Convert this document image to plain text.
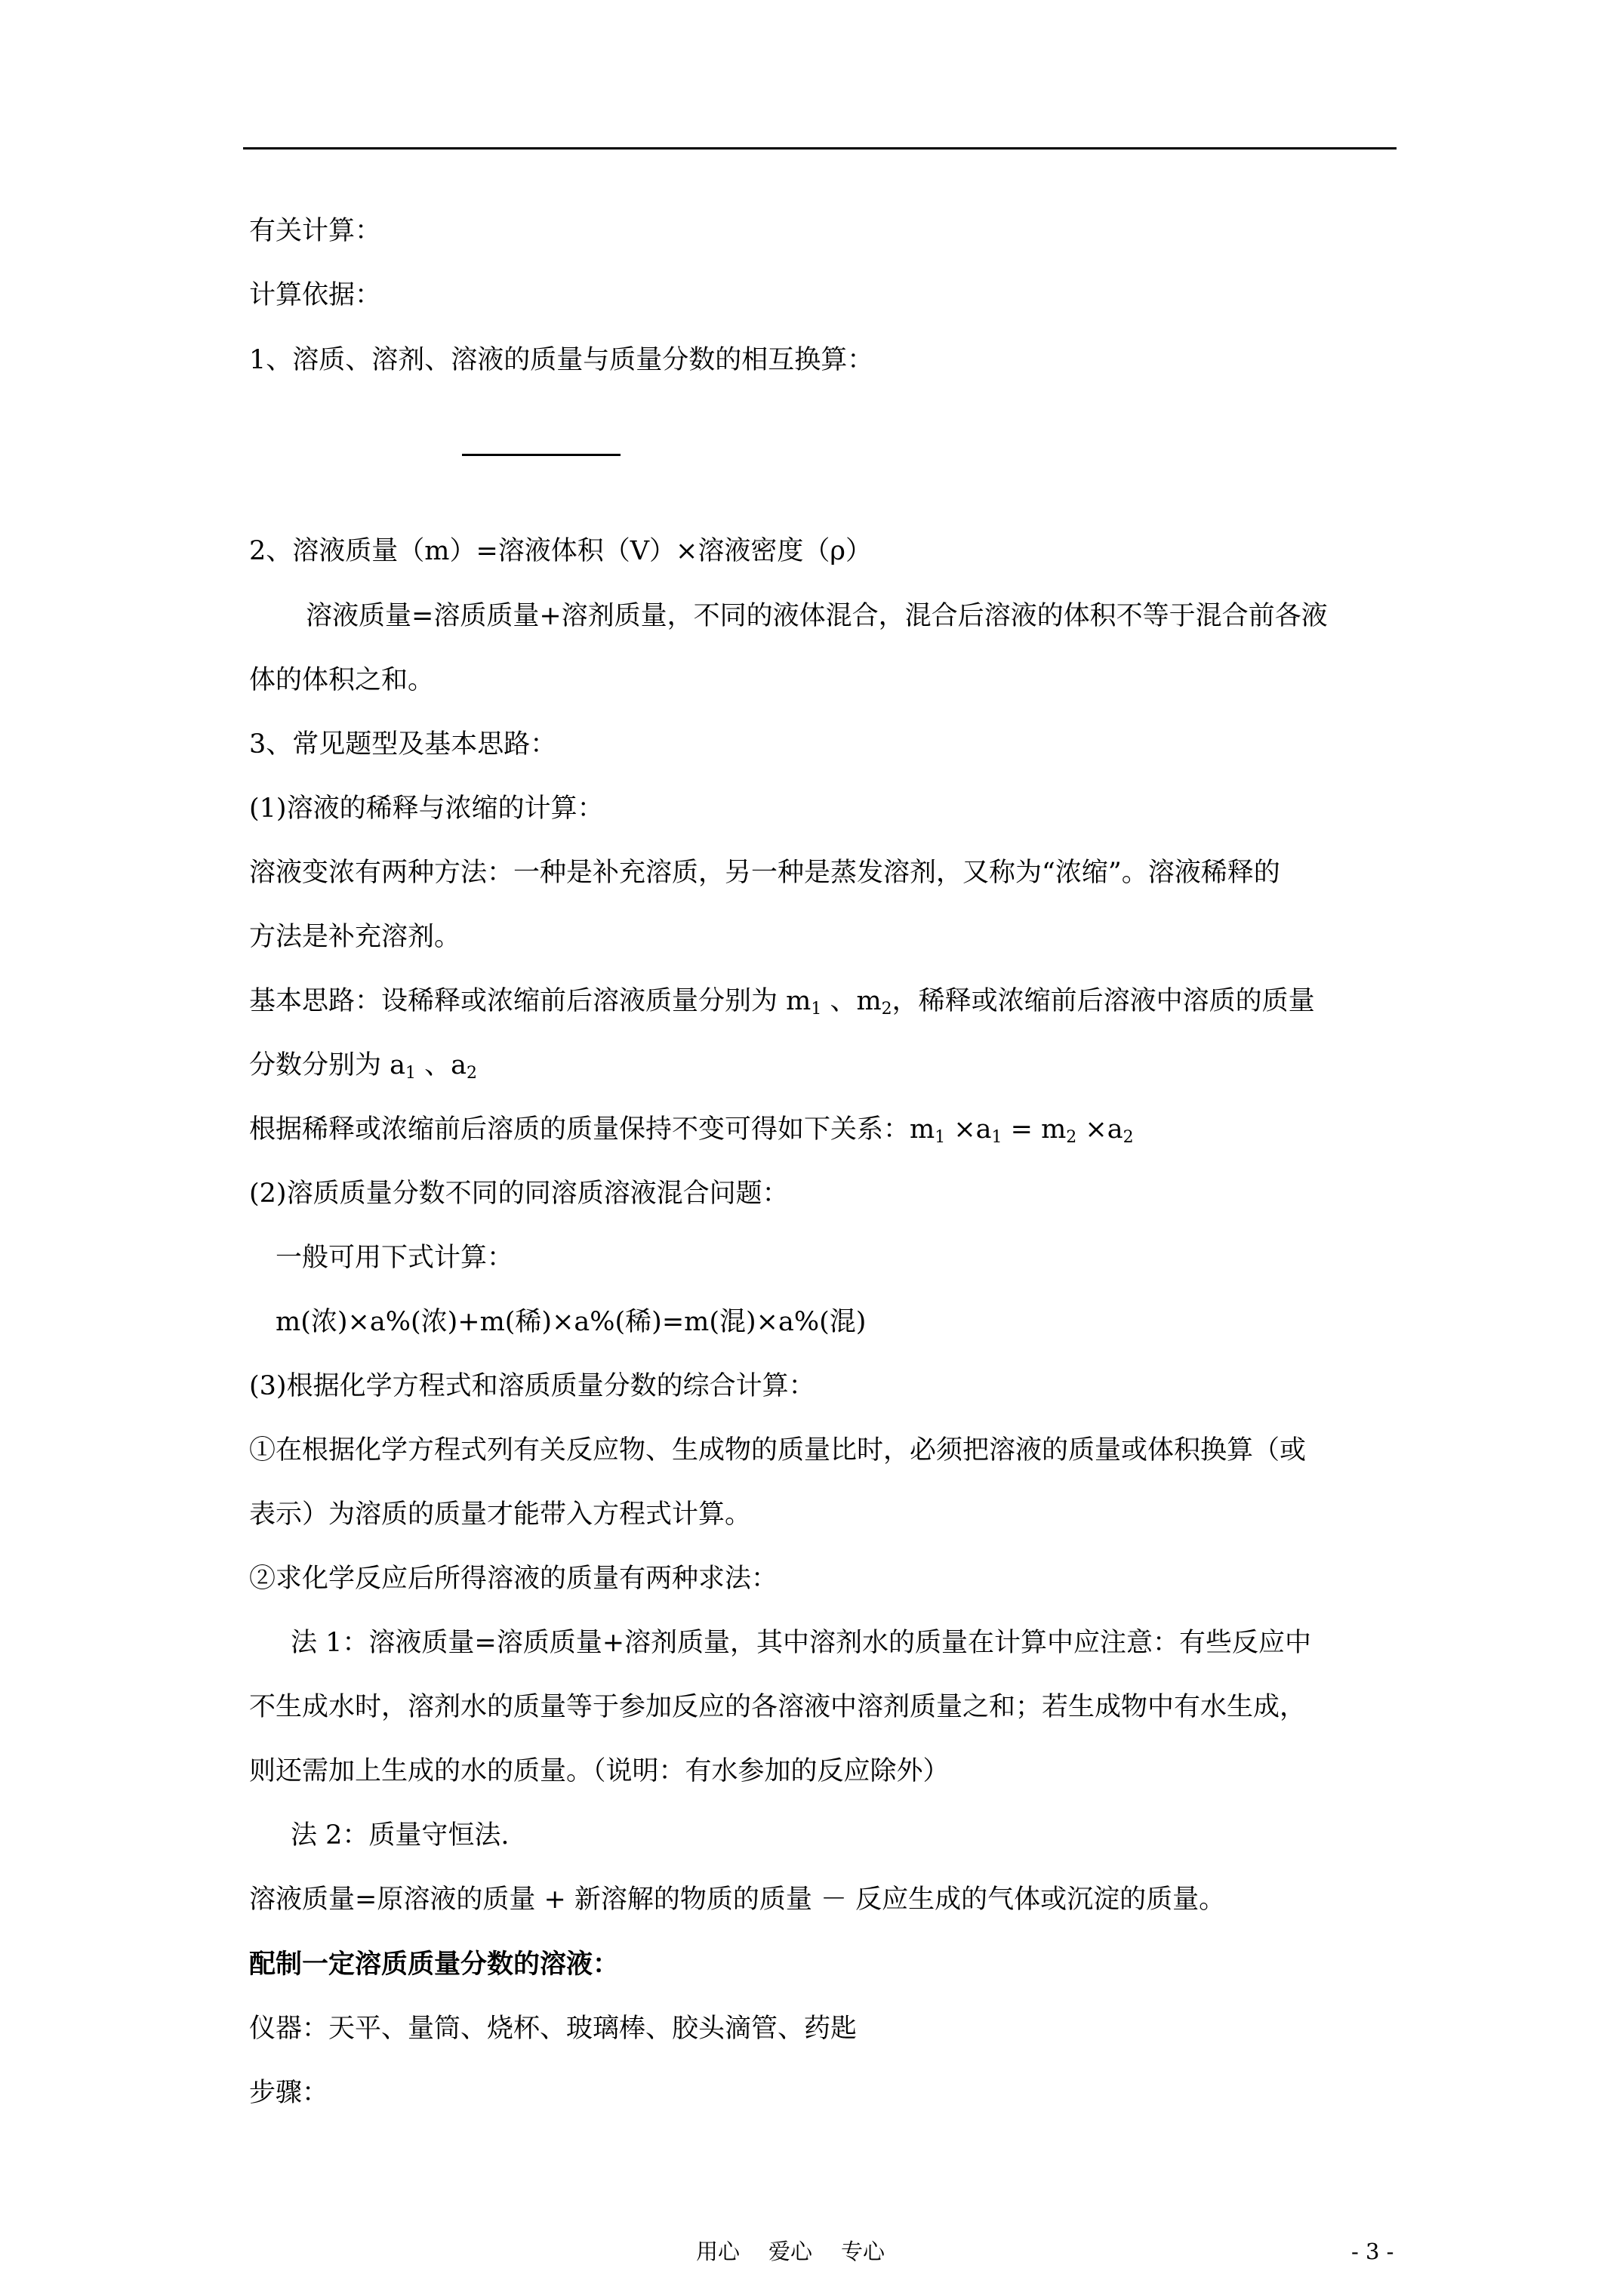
有关计算：
计算依据：
1、溶质、溶剂、溶液的质量与质量分数的相互换算：
2、溶液质量（m）=溶液体积（V）×溶液密度（ρ）
溶液质量=溶质质量+溶剂质量，不同的液体混合，混合后溶液的体积不等于混合前各液
体的体积之和。
3、常见题型及基本思路：
(1)溶液的稀释与浓缩的计算：
溶液变浓有两种方法：一种是补充溶质，另一种是蒸发溶剂，又称为“浓缩”。溶液稀释的
方法是补充溶剂。
基本思路：设稀释或浓缩前后溶液质量分别为 $m_1$ 、$m_2$，稀释或浓缩前后溶液中溶质的质量
分数分别为 $a_1$ 、$a_2$
根据稀释或浓缩前后溶质的质量保持不变可得如下关系：$m_1 \times a_1 = m_2 \times a_2$
(2)溶质质量分数不同的同溶质溶液混合问题：
一般可用下式计算：
m(浓)×a%(浓)+m(稀)×a%(稀)=m(混)×a%(混)
(3)根据化学方程式和溶质质量分数的综合计算：
①在根据化学方程式列有关反应物、生成物的质量比时，必须把溶液的质量或体积换算（或
表示）为溶质的质量才能带入方程式计算。
②求化学反应后所得溶液的质量有两种求法：
法 1：溶液质量=溶质质量+溶剂质量，其中溶剂水的质量在计算中应注意：有些反应中
不生成水时，溶剂水的质量等于参加反应的各溶液中溶剂质量之和；若生成物中有水生成，
则还需加上生成的水的质量。（说明：有水参加的反应除外）
法 2：质量守恒法.
溶液质量=原溶液的质量 + 新溶解的物质的质量 － 反应生成的气体或沉淀的质量。
配制一定溶质质量分数的溶液：
仪器：天平、量筒、烧杯、玻璃棒、胶头滴管、药匙
步骤：
用心 爱心 专心	- 3 -
